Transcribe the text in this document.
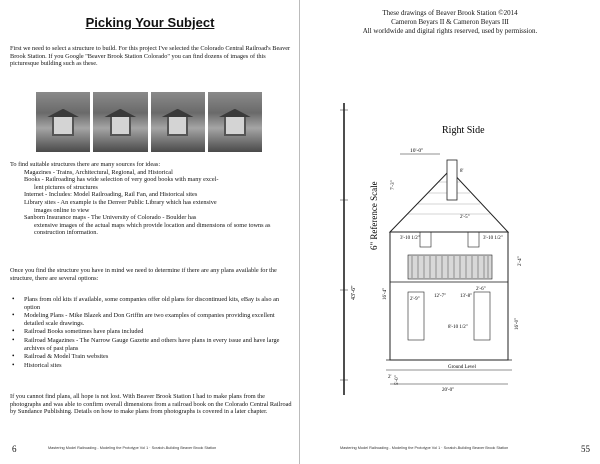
Picking Your Subject

First we need to select a structure to build. For this project I've selected the Colorado Central Railroad's Beaver Brook Station. If you Google "Beaver Brook Station Colorado" you can find dozens of images of this picturesque building such as these.

To find suitable structures there are many sources for ideas:

Magazines - Trains, Architectural, Regional, and Historical

Books - Railroading has wide selection of very good books with many excel-
lent pictures of structures

Internet - Includes: Model Railroading, Rail Fan, and Historical sites

Library sites - An example is the Denver Public Library which has extensive
images online to view

Sanborn Insurance maps - The University of Colorado - Boulder has
extensive images of the actual maps which provide location and dimensions of some towns as construction information.

Once you find the structure you have in mind we need to determine if there are any plans available for the structure, there are several options:

• Plans from old kits if available, some companies offer old plans for discontinued kits, eBay is also an option
• Modeling Plans - Mike Blazek and Don Griffin are two examples of companies providing excellent detailed scale drawings.
• Railroad Books sometimes have plans included
• Railroad Magazines - The Narrow Gauge Gazette and others have plans in every issue and have large archives of past plans
• Railroad & Model Train websites
• Historical sites

If you cannot find plans, all hope is not lost. With Beaver Brook Station I had to make plans from the photographs and was able to confirm overall dimensions from a railroad book on the Colorado Central Railroad by Sundance Publishing. Details on how to make plans from photographs is covered in a later chapter.

6	Mastering Model Railroading - Modeling the Prototype Vol 1 · Scratch-Building Beaver Brook Station
These drawings of Beaver Brook Station ©2014
Cameron Beyars II & Cameron Beyars III
All worldwide and digital rights reserved, used by permission.
43'-6"
6" Reference Scale
Right Side
10'-0"
8'
2'-5"
7'-3"
3'-10 1/2"	3'-10 1/2"
2'-4"
2'-9"
2'-6"
8'-10 1/2"
16'-4"	12'-7"	13'-8"
16'-0"
Ground Level
5'-0"
2'
20'-0"
Mastering Model Railroading - Modeling the Prototype Vol 1 · Scratch-Building Beaver Brook Station	55
